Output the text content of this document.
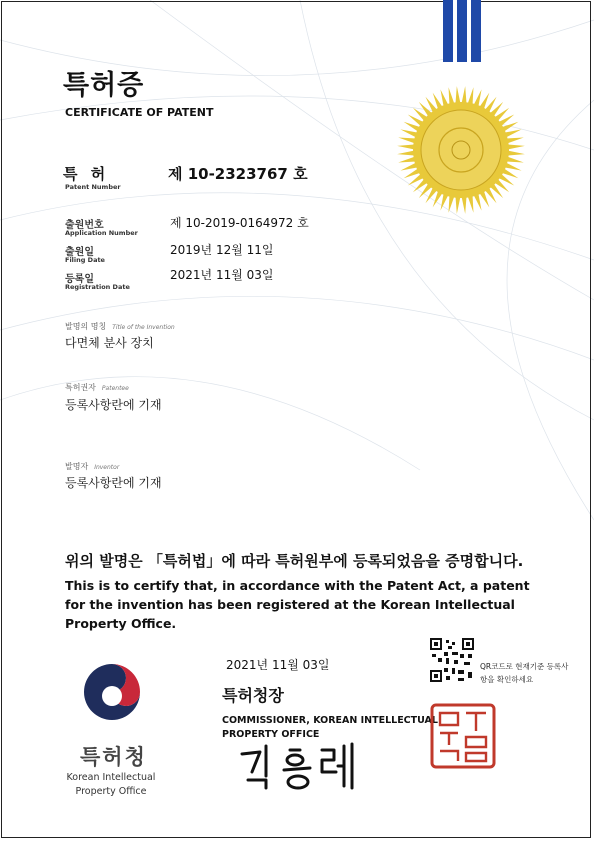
특허증
CERTIFICATE OF PATENT
특 허
Patent Number
제 10-2323767 호
출원번호
Application Number
제 10-2019-0164972 호
출원일
Filing Date
2019년 12월 11일
등록일
Registration Date
2021년 11월 03일
발명의 명칭 Title of the Invention
다면체 분사 장치
특허권자 Patentee
등록사항란에 기재
발명자 Inventor
등록사항란에 기재
위의 발명은 「특허법」에 따라 특허원부에 등록되었음을 증명합니다.
This is to certify that, in accordance with the Patent Act, a patent for the invention has been registered at the Korean Intellectual Property Office.
2021년 11월 03일
특허청장
COMMISSIONER, KOREAN INTELLECTUAL PROPERTY OFFICE
QR코드로 현재기준 등록사항을 확인하세요
특허청
Korean Intellectual Property Office
